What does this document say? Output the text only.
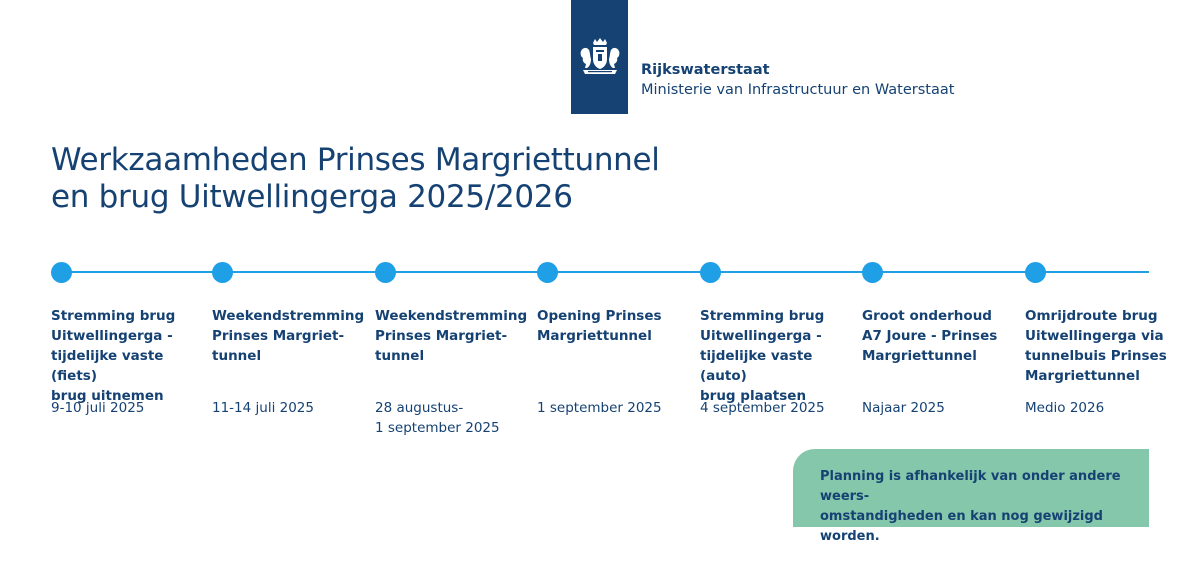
Rijkswaterstaat
Ministerie van Infrastructuur en Waterstaat
Werkzaamheden Prinses Margriettunnel
en brug Uitwellingerga 2025/2026
Stremming brug
Uitwellingerga -
tijdelijke vaste (fiets)
brug uitnemen
9-10 juli 2025
Weekendstremming
Prinses Margriet-
tunnel
11-14 juli 2025
Weekendstremming
Prinses Margriet-
tunnel
28 augustus-
1 september 2025
Opening Prinses
Margriettunnel
1 september 2025
Stremming brug
Uitwellingerga -
tijdelijke vaste (auto)
brug plaatsen
4 september 2025
Groot onderhoud
A7 Joure - Prinses
Margriettunnel
Najaar 2025
Omrijdroute brug
Uitwellingerga via
tunnelbuis Prinses
Margriettunnel
Medio 2026
Planning is afhankelijk van onder andere weers-
omstandigheden en kan nog gewijzigd worden.
